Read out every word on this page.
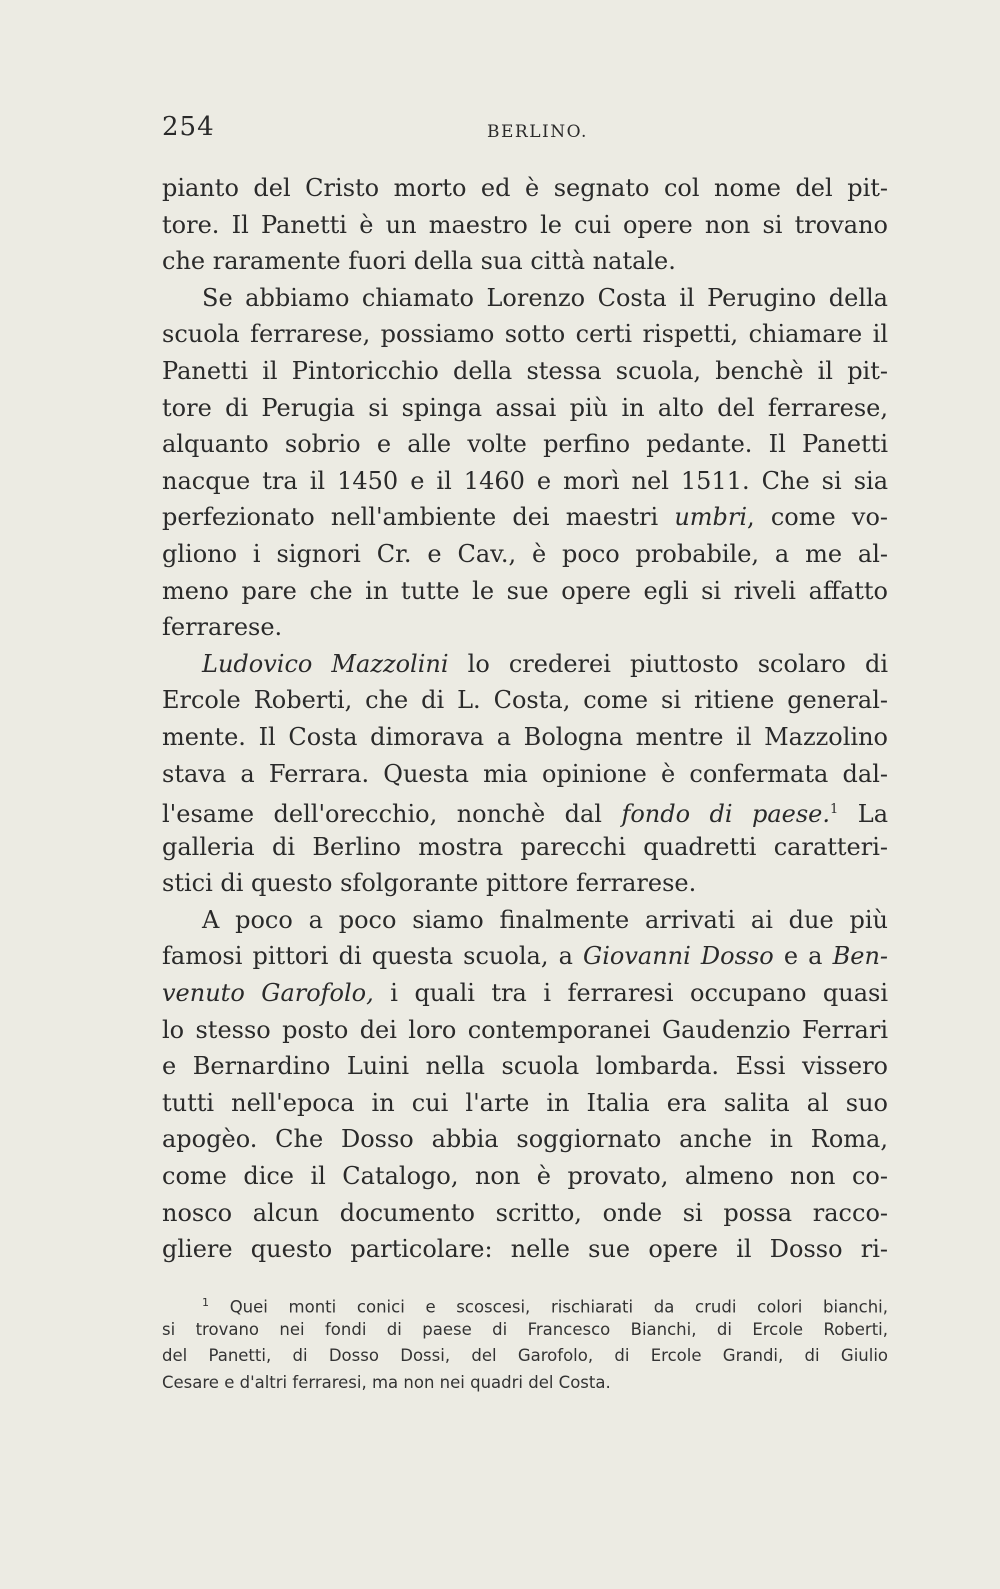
254	BERLINO.
pianto del Cristo morto ed è segnato col nome del pit-
tore. Il Panetti è un maestro le cui opere non si trovano
che raramente fuori della sua città natale.
Se abbiamo chiamato Lorenzo Costa il Perugino della
scuola ferrarese, possiamo sotto certi rispetti, chiamare il
Panetti il Pintoricchio della stessa scuola, benchè il pit-
tore di Perugia si spinga assai più in alto del ferrarese,
alquanto sobrio e alle volte perfino pedante. Il Panetti
nacque tra il 1450 e il 1460 e morì nel 1511. Che si sia
perfezionato nell'ambiente dei maestri umbri, come vo-
gliono i signori Cr. e Cav., è poco probabile, a me al-
meno pare che in tutte le sue opere egli si riveli affatto
ferrarese.
Ludovico Mazzolini lo crederei piuttosto scolaro di
Ercole Roberti, che di L. Costa, come si ritiene general-
mente. Il Costa dimorava a Bologna mentre il Mazzolino
stava a Ferrara. Questa mia opinione è confermata dal-
l'esame dell'orecchio, nonchè dal fondo di paese.$^1$ La
galleria di Berlino mostra parecchi quadretti caratteri-
stici di questo sfolgorante pittore ferrarese.
A poco a poco siamo finalmente arrivati ai due più
famosi pittori di questa scuola, a Giovanni Dosso e a Ben-
venuto Garofolo, i quali tra i ferraresi occupano quasi
lo stesso posto dei loro contemporanei Gaudenzio Ferrari
e Bernardino Luini nella scuola lombarda. Essi vissero
tutti nell'epoca in cui l'arte in Italia era salita al suo
apogèo. Che Dosso abbia soggiornato anche in Roma,
come dice il Catalogo, non è provato, almeno non co-
nosco alcun documento scritto, onde si possa racco-
gliere questo particolare: nelle sue opere il Dosso ri-
$^1$ Quei monti conici e scoscesi, rischiarati da crudi colori bianchi,
si trovano nei fondi di paese di Francesco Bianchi, di Ercole Roberti,
del Panetti, di Dosso Dossi, del Garofolo, di Ercole Grandi, di Giulio
Cesare e d'altri ferraresi, ma non nei quadri del Costa.
